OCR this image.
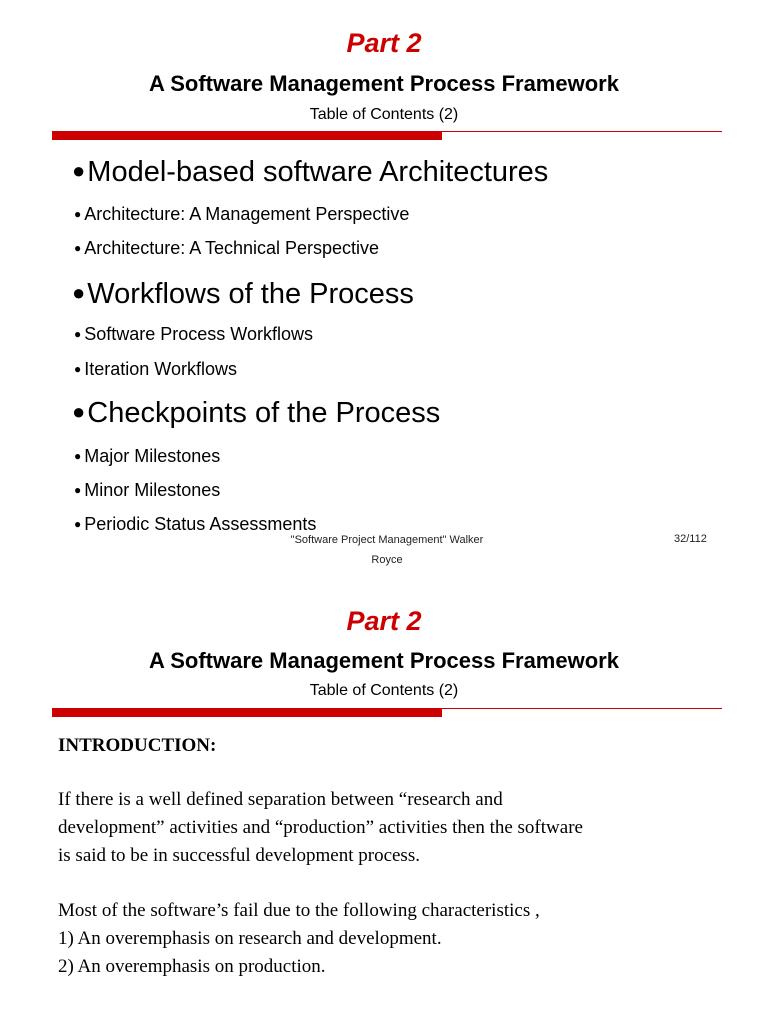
Part 2
A Software Management Process Framework
Table of Contents (2)
●Model-based software Architectures
● Architecture: A Management Perspective
● Architecture: A Technical Perspective
●Workflows of the Process
● Software Process Workflows
● Iteration Workflows
●Checkpoints of the Process
● Major Milestones
● Minor Milestones
● Periodic Status Assessments
"Software Project Management" Walker
Royce
32/112
Part 2
A Software Management Process Framework
Table of Contents (2)
INTRODUCTION:
If there is a well defined separation between “research and
development” activities and “production” activities then the software
is said to be in successful development process.
Most of the software’s fail due to the following characteristics ,
1) An overemphasis on research and development.
2) An overemphasis on production.
